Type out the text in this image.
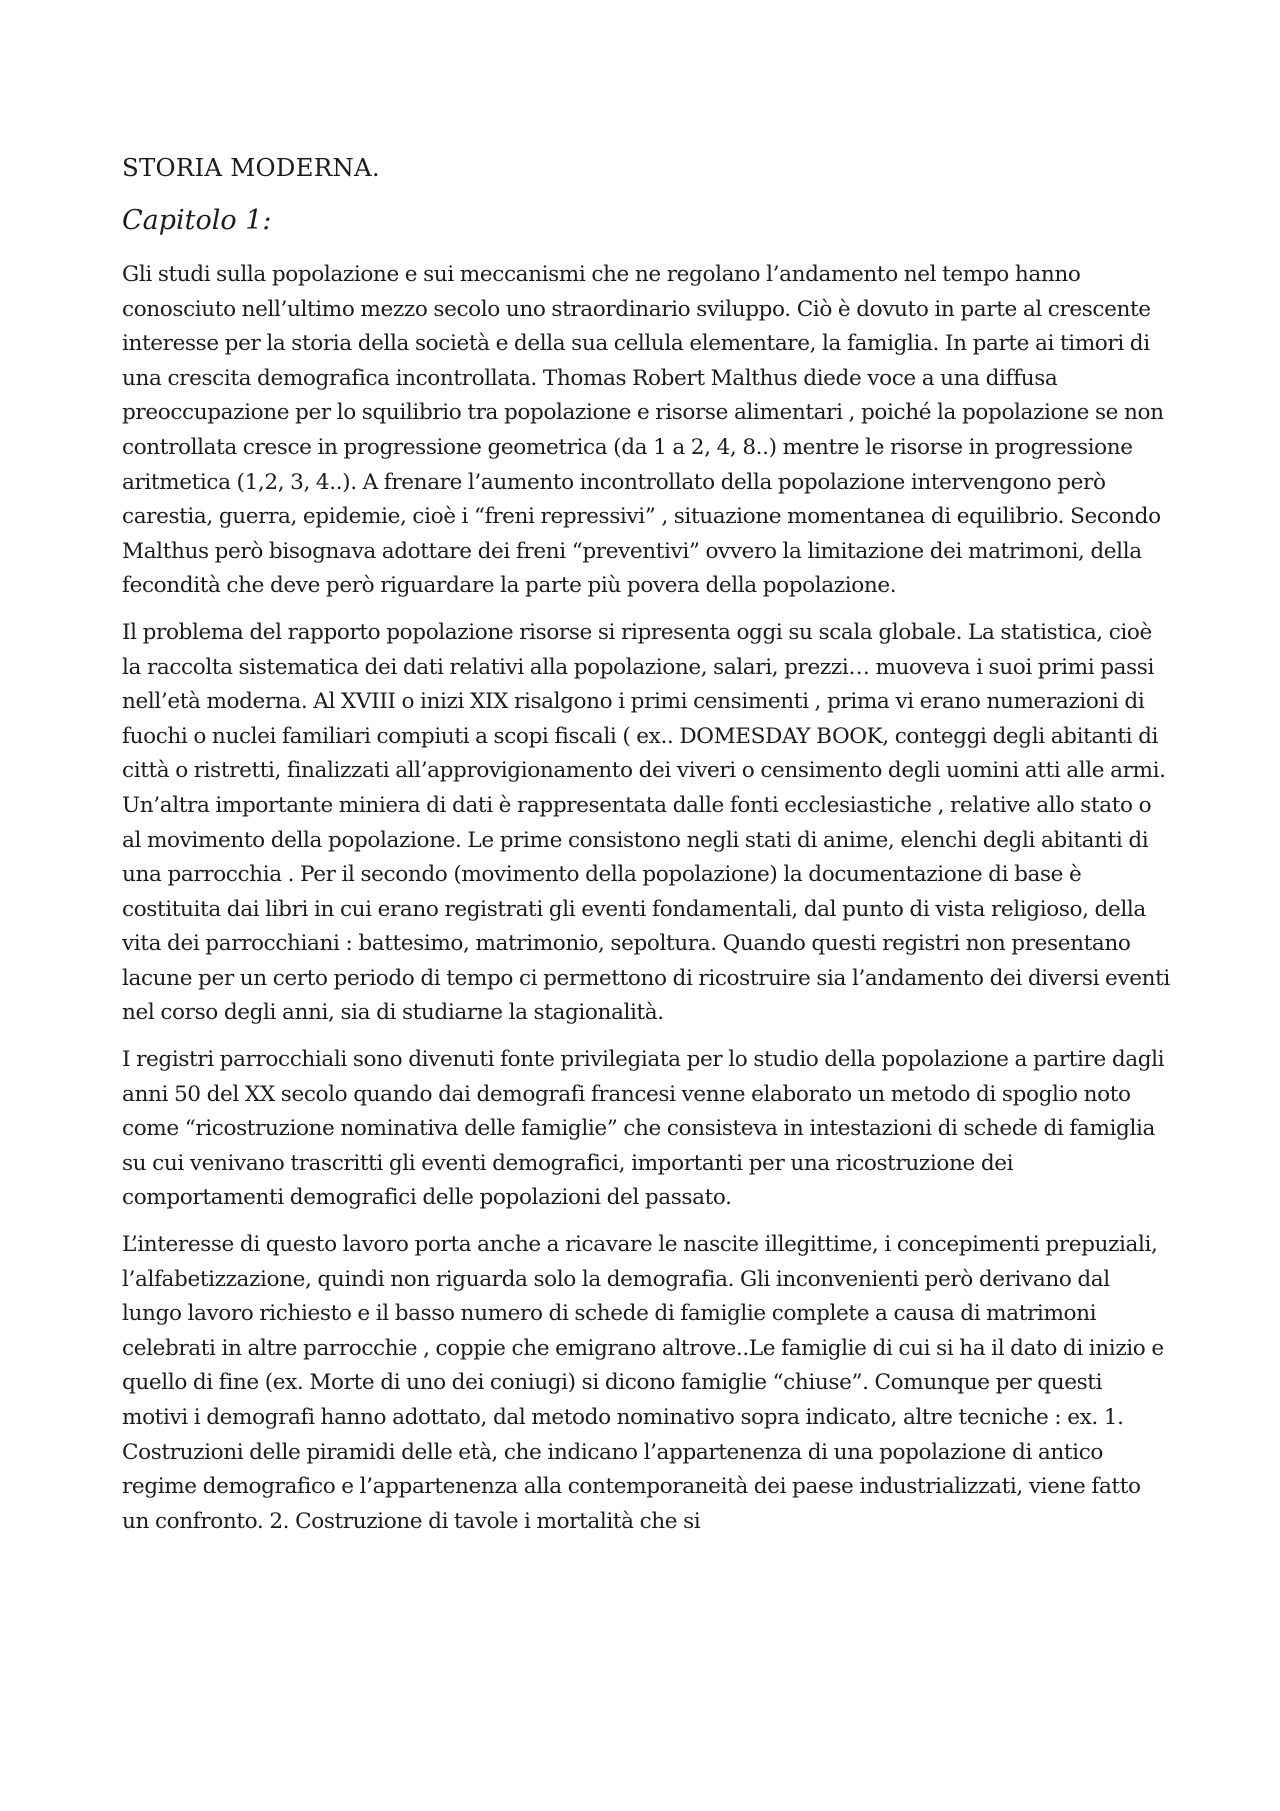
STORIA MODERNA.
Capitolo 1:

Gli studi sulla popolazione e sui meccanismi che ne regolano l’andamento nel tempo hanno conosciuto nell’ultimo mezzo secolo uno straordinario sviluppo. Ciò è dovuto in parte al crescente interesse per la storia della società e della sua cellula elementare, la famiglia. In parte ai timori di una crescita demografica incontrollata. Thomas Robert Malthus diede voce a una diffusa preoccupazione per lo squilibrio tra popolazione e risorse alimentari , poiché la popolazione se non controllata cresce in progressione geometrica (da 1 a 2, 4, 8..) mentre le risorse in progressione aritmetica (1,2, 3, 4..). A frenare l’aumento incontrollato della popolazione intervengono però carestia, guerra, epidemie, cioè i “freni repressivi” , situazione momentanea di equilibrio. Secondo Malthus però bisognava adottare dei freni “preventivi” ovvero la limitazione dei matrimoni, della fecondità che deve però riguardare la parte più povera della popolazione.

Il problema del rapporto popolazione risorse si ripresenta oggi su scala globale. La statistica, cioè la raccolta sistematica dei dati relativi alla popolazione, salari, prezzi… muoveva i suoi primi passi nell’età moderna. Al XVIII o inizi XIX risalgono i primi censimenti , prima vi erano numerazioni di fuochi o nuclei familiari compiuti a scopi fiscali ( ex.. DOMESDAY BOOK, conteggi degli abitanti di città o ristretti, finalizzati all’approvigionamento dei viveri o censimento degli uomini atti alle armi. Un’altra importante miniera di dati è rappresentata dalle fonti ecclesiastiche , relative allo stato o al movimento della popolazione. Le prime consistono negli stati di anime, elenchi degli abitanti di una parrocchia . Per il secondo (movimento della popolazione) la documentazione di base è costituita dai libri in cui erano registrati gli eventi fondamentali, dal punto di vista religioso, della vita dei parrocchiani : battesimo, matrimonio, sepoltura. Quando questi registri non presentano lacune per un certo periodo di tempo ci permettono di ricostruire sia l’andamento dei diversi eventi nel corso degli anni, sia di studiarne la stagionalità.

I registri parrocchiali sono divenuti fonte privilegiata per lo studio della popolazione a partire dagli anni 50 del XX secolo quando dai demografi francesi venne elaborato un metodo di spoglio noto come “ricostruzione nominativa delle famiglie” che consisteva in intestazioni di schede di famiglia su cui venivano trascritti gli eventi demografici, importanti per una ricostruzione dei comportamenti demografici delle popolazioni del passato.

L’interesse di questo lavoro porta anche a ricavare le nascite illegittime, i concepimenti prepuziali, l’alfabetizzazione, quindi non riguarda solo la demografia. Gli inconvenienti però derivano dal lungo lavoro richiesto e il basso numero di schede di famiglie complete a causa di matrimoni celebrati in altre parrocchie , coppie che emigrano altrove..Le famiglie di cui si ha il dato di inizio e quello di fine (ex. Morte di uno dei coniugi) si dicono famiglie “chiuse”. Comunque per questi motivi i demografi hanno adottato, dal metodo nominativo sopra indicato, altre tecniche : ex. 1. Costruzioni delle piramidi delle età, che indicano l’appartenenza di una popolazione di antico regime demografico e l’appartenenza alla contemporaneità dei paese industrializzati, viene fatto un confronto. 2. Costruzione di tavole i mortalità che si
